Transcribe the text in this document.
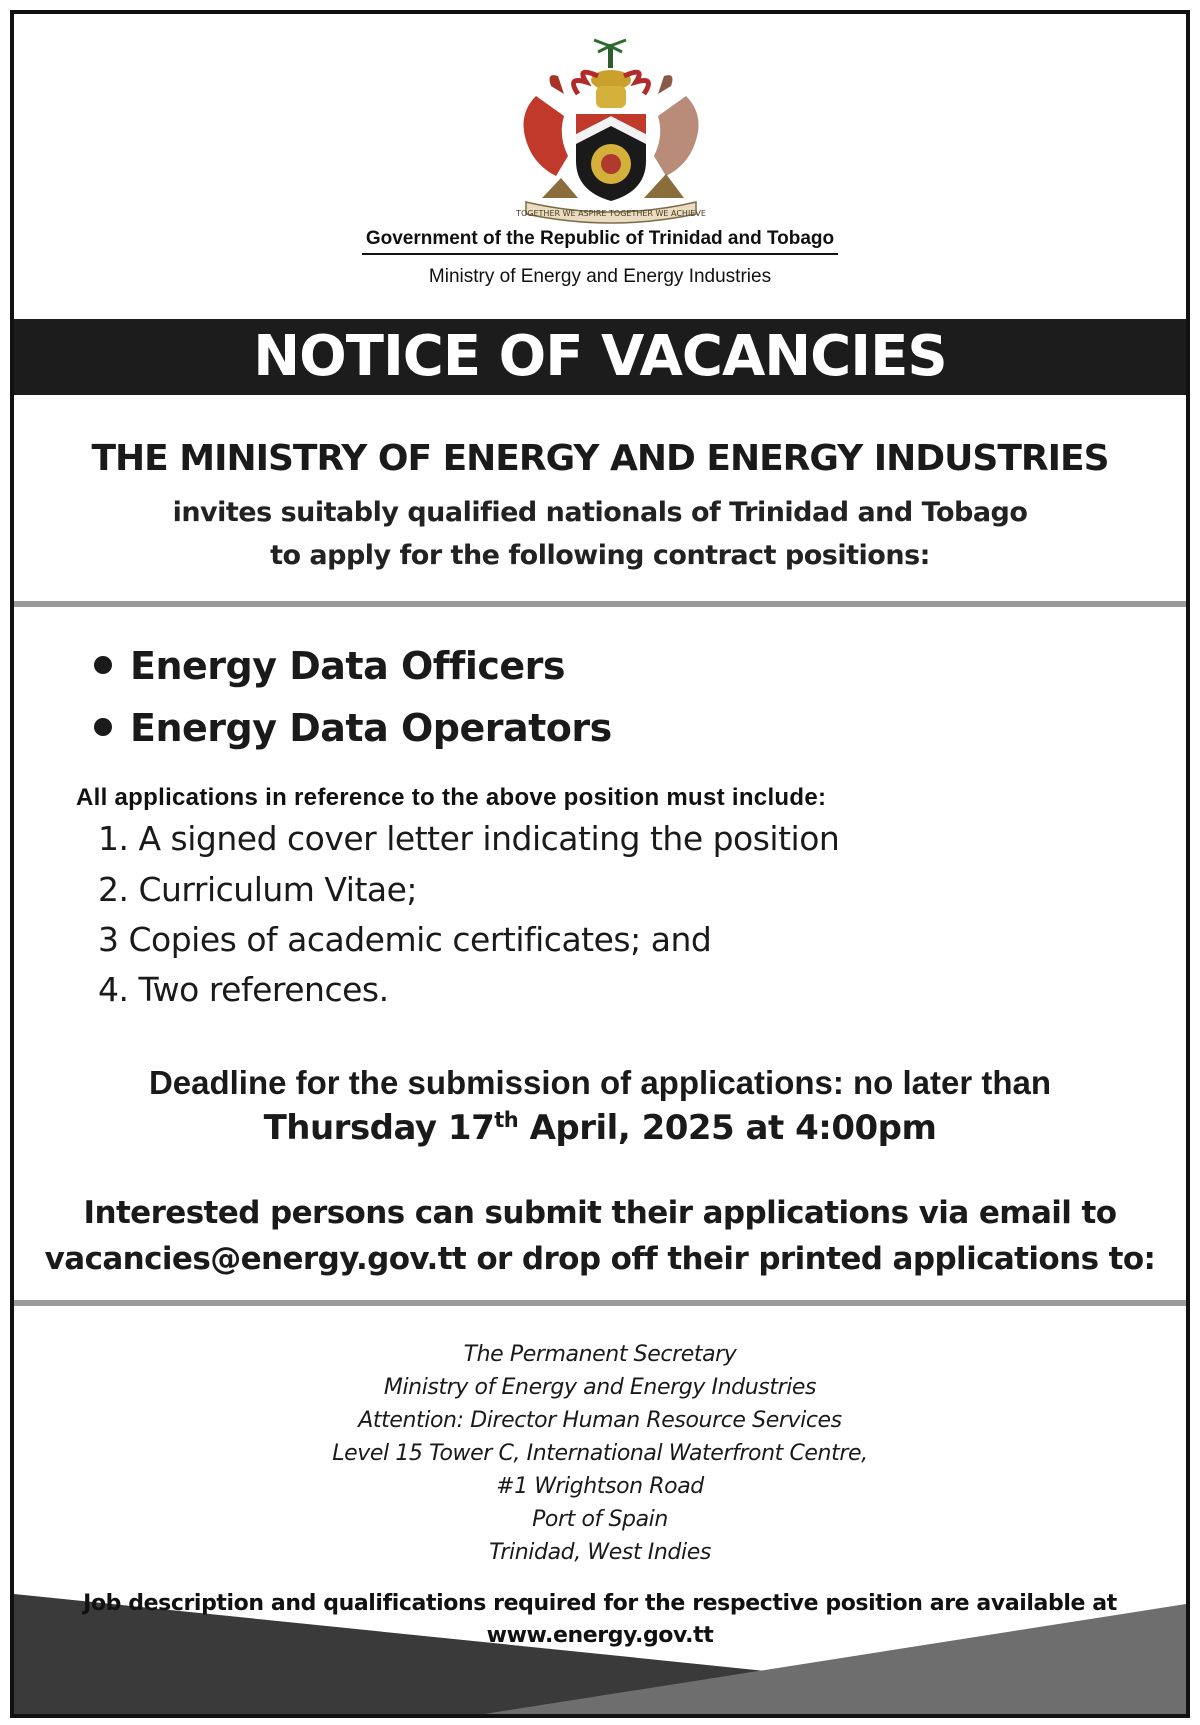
TOGETHER WE ASPIRE TOGETHER WE ACHIEVE
Government of the Republic of Trinidad and Tobago
Ministry of Energy and Energy Industries
NOTICE OF VACANCIES
THE MINISTRY OF ENERGY AND ENERGY INDUSTRIES
invites suitably qualified nationals of Trinidad and Tobago
to apply for the following contract positions:
Energy Data Officers
Energy Data Operators
All applications in reference to the above position must include:
1. A signed cover letter indicating the position
2. Curriculum Vitae;
3 Copies of academic certificates; and
4. Two references.
Deadline for the submission of applications: no later than
Thursday 17th April, 2025 at 4:00pm
Interested persons can submit their applications via email to
vacancies@energy.gov.tt or drop off their printed applications to:
The Permanent Secretary
Ministry of Energy and Energy Industries
Attention: Director Human Resource Services
Level 15 Tower C, International Waterfront Centre,
#1 Wrightson Road
Port of Spain
Trinidad, West Indies
Job description and qualifications required for the respective position are available at
www.energy.gov.tt
